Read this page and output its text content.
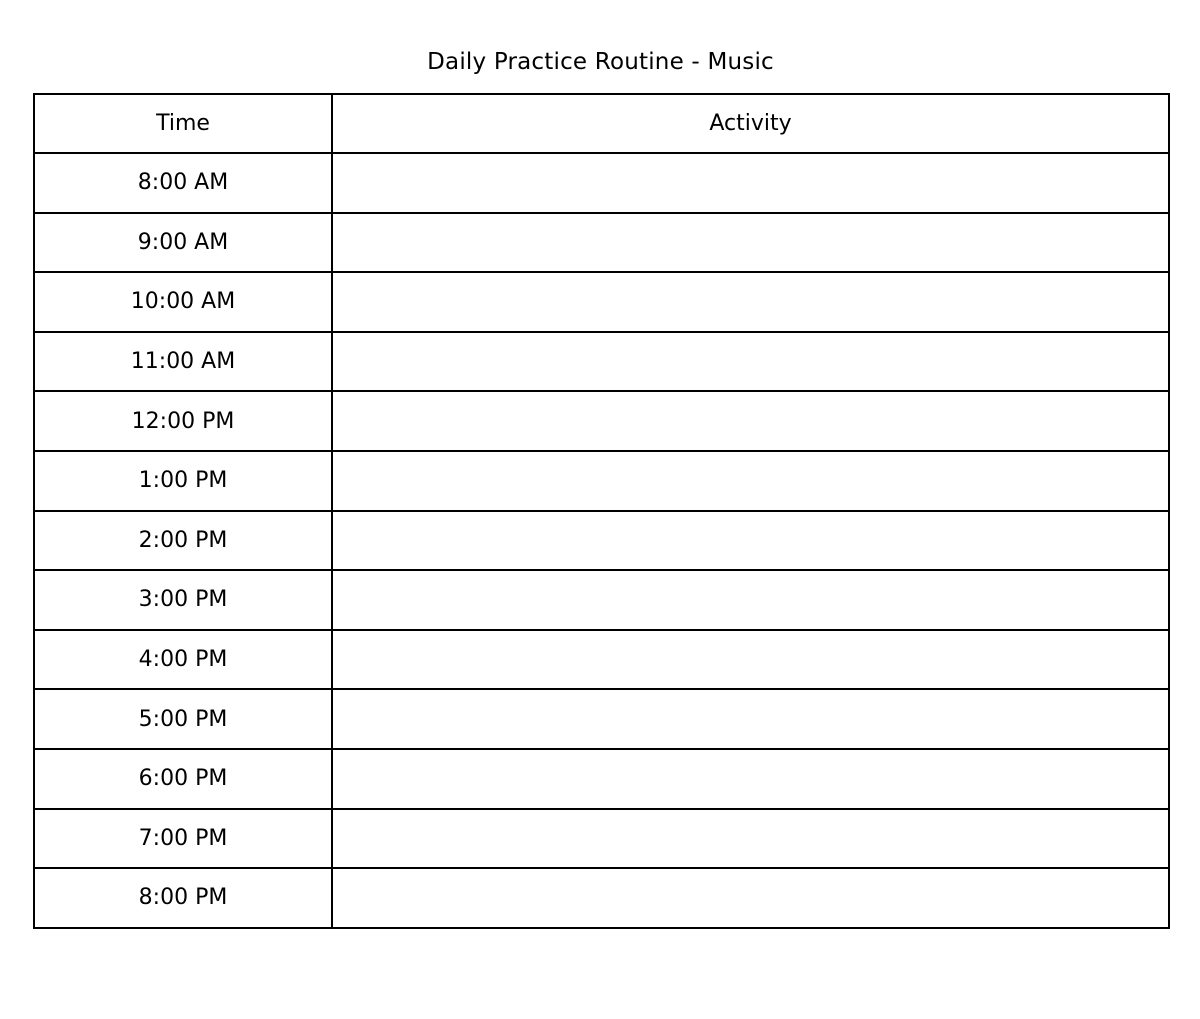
Daily Practice Routine - Music
Time	Activity
8:00 AM	
9:00 AM	
10:00 AM	
11:00 AM	
12:00 PM	
1:00 PM	
2:00 PM	
3:00 PM	
4:00 PM	
5:00 PM	
6:00 PM	
7:00 PM	
8:00 PM	
